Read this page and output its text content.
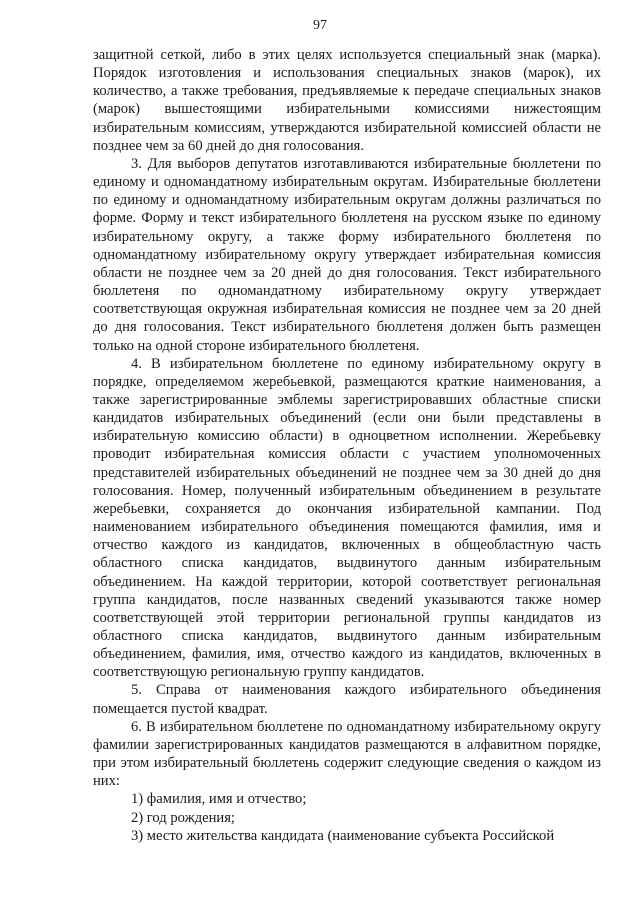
97

защитной сеткой, либо в этих целях используется специальный знак (марка). Порядок изготовления и использования специальных знаков (марок), их количество, а также требования, предъявляемые к передаче специальных знаков (марок) вышестоящими избирательными комиссиями нижестоящим избирательным комиссиям, утверждаются избирательной комиссией области не позднее чем за 60 дней до дня голосования.

3. Для выборов депутатов изготавливаются избирательные бюллетени по единому и одномандатному избирательным округам. Избирательные бюллетени по единому и одномандатному избирательным округам должны различаться по форме. Форму и текст избирательного бюллетеня на русском языке по единому избирательному округу, а также форму избирательного бюллетеня по одномандатному избирательному округу утверждает избирательная комиссия области не позднее чем за 20 дней до дня голосования. Текст избирательного бюллетеня по одномандатному избирательному округу утверждает соответствующая окружная избирательная комиссия не позднее чем за 20 дней до дня голосования. Текст избирательного бюллетеня должен быть размещен только на одной стороне избирательного бюллетеня.

4. В избирательном бюллетене по единому избирательному округу в порядке, определяемом жеребьевкой, размещаются краткие наименования, а также зарегистрированные эмблемы зарегистрировавших областные списки кандидатов избирательных объединений (если они были представлены в избирательную комиссию области) в одноцветном исполнении. Жеребьевку проводит избирательная комиссия области с участием уполномоченных представителей избирательных объединений не позднее чем за 30 дней до дня голосования. Номер, полученный избирательным объединением в результате жеребьевки, сохраняется до окончания избирательной кампании. Под наименованием избирательного объединения помещаются фамилия, имя и отчество каждого из кандидатов, включенных в общеобластную часть областного списка кандидатов, выдвинутого данным избирательным объединением. На каждой территории, которой соответствует региональная группа кандидатов, после названных сведений указываются также номер соответствующей этой территории региональной группы кандидатов из областного списка кандидатов, выдвинутого данным избирательным объединением, фамилия, имя, отчество каждого из кандидатов, включенных в соответствующую региональную группу кандидатов.

5. Справа от наименования каждого избирательного объединения помещается пустой квадрат.

6. В избирательном бюллетене по одномандатному избирательному округу фамилии зарегистрированных кандидатов размещаются в алфавитном порядке, при этом избирательный бюллетень содержит следующие сведения о каждом из них:

1) фамилия, имя и отчество;

2) год рождения;

3) место жительства кандидата (наименование субъекта Российской
